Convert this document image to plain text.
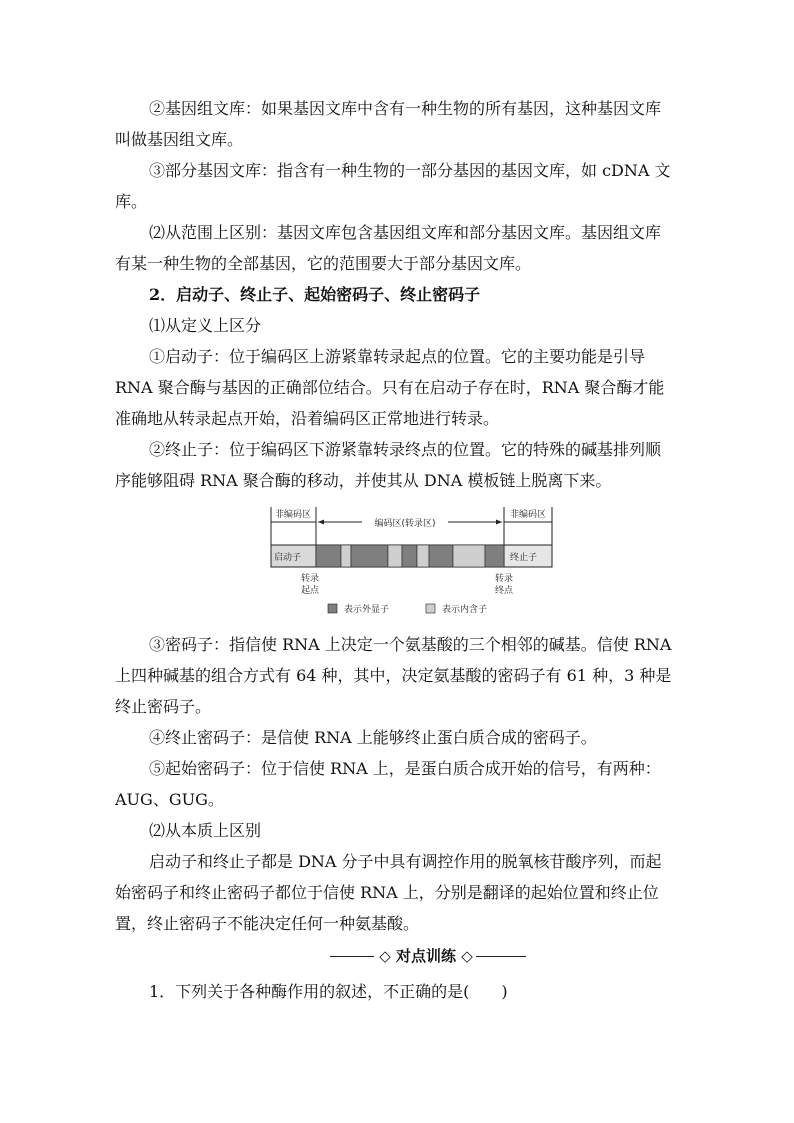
②基因组文库：如果基因文库中含有一种生物的所有基因，这种基因文库叫做基因组文库。

③部分基因文库：指含有一种生物的一部分基因的基因文库，如 cDNA 文库。

⑵从范围上区别：基因文库包含基因组文库和部分基因文库。基因组文库有某一种生物的全部基因，它的范围要大于部分基因文库。

2．启动子、终止子、起始密码子、终止密码子

⑴从定义上区分

①启动子：位于编码区上游紧靠转录起点的位置。它的主要功能是引导 RNA 聚合酶与基因的正确部位结合。只有在启动子存在时，RNA 聚合酶才能准确地从转录起点开始，沿着编码区正常地进行转录。

②终止子：位于编码区下游紧靠转录终点的位置。它的特殊的碱基排列顺序能够阻碍 RNA 聚合酶的移动，并使其从 DNA 模板链上脱离下来。

非编码区
编码区(转录区)
非编码区
启动子	终止子
转录
起点
转录
终点
表示外显子	表示内含子

③密码子：指信使 RNA 上决定一个氨基酸的三个相邻的碱基。信使 RNA 上四种碱基的组合方式有 64 种，其中，决定氨基酸的密码子有 61 种，3 种是终止密码子。

④终止密码子：是信使 RNA 上能够终止蛋白质合成的密码子。

⑤起始密码子：位于信使 RNA 上，是蛋白质合成开始的信号，有两种：AUG、GUG。

⑵从本质上区别

启动子和终止子都是 DNA 分子中具有调控作用的脱氧核苷酸序列，而起始密码子和终止密码子都位于信使 RNA 上，分别是翻译的起始位置和终止位置，终止密码子不能决定任何一种氨基酸。

◇ 对点训练 ◇

1．下列关于各种酶作用的叙述，不正确的是(　　)
